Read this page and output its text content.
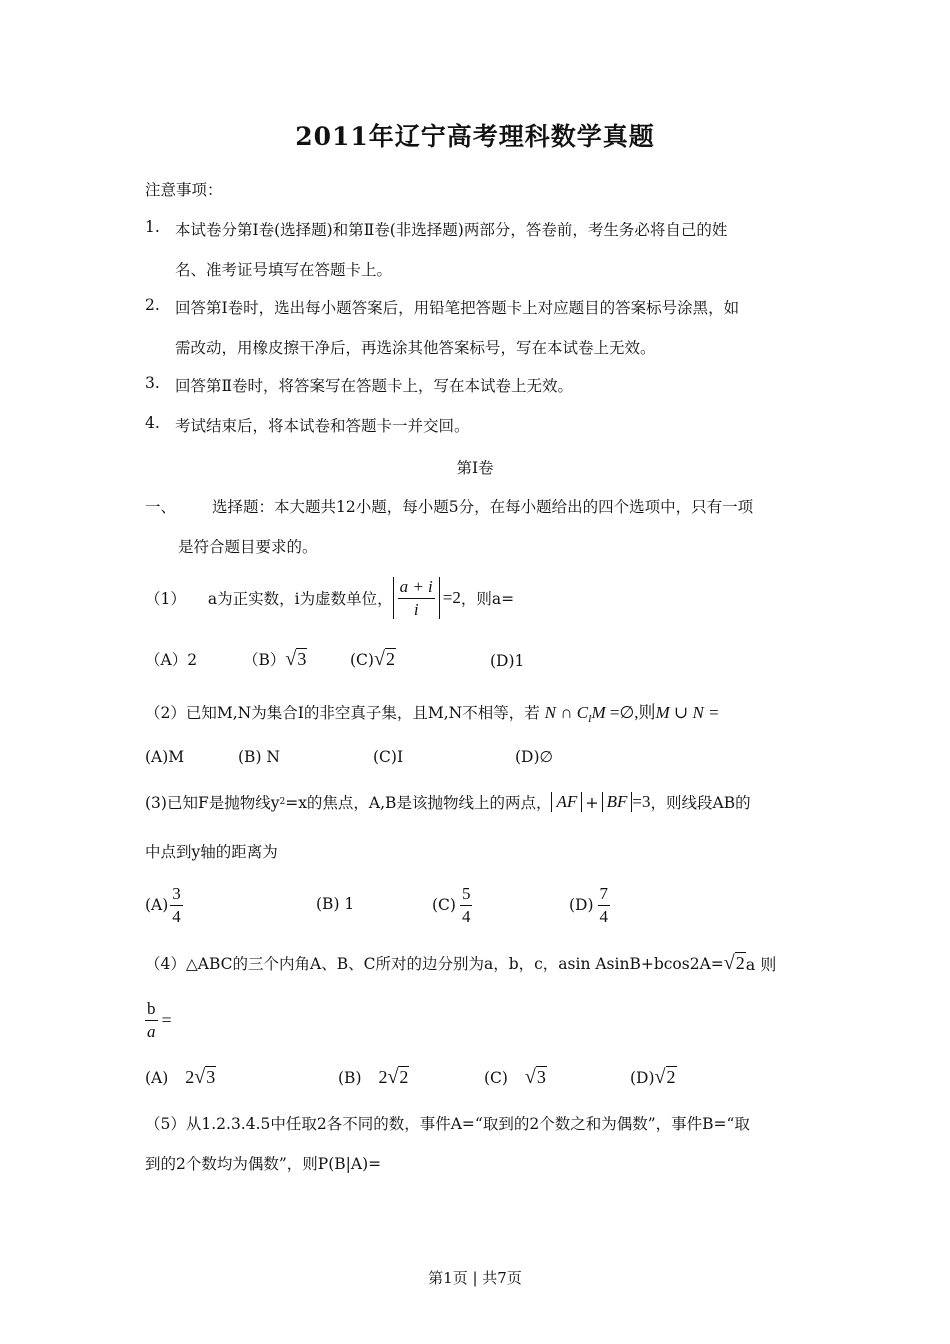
2011年辽宁高考理科数学真题
注意事项：
1. 本试卷分第Ⅰ卷(选择题)和第Ⅱ卷(非选择题)两部分，答卷前，考生务必将自己的姓
名、准考证号填写在答题卡上。
2. 回答第Ⅰ卷时，选出每小题答案后，用铅笔把答题卡上对应题目的答案标号涂黑，如
需改动，用橡皮擦干净后，再选涂其他答案标号，写在本试卷上无效。
3. 回答第Ⅱ卷时，将答案写在答题卡上，写在本试卷上无效。
4. 考试结束后，将本试卷和答题卡一并交回。
第Ⅰ卷
一、 选择题：本大题共12小题，每小题5分，在每小题给出的四个选项中，只有一项
是符合题目要求的。
（1） a为正实数，i为虚数单位， $\frac{a + i}{i} =2$ ，则a=
（A）2	（B）√3	(C)√2	(D)1
（2）已知M,N为集合I的非空真子集，且M,N不相等，若 N ∩ $C_IM$ =∅,则M ∪ N =
(A)M	(B) N	(C)I	(D)∅
(3)已知F是抛物线y 2 =x的焦点，A,B是该抛物线上的两点， AF + BF =3 ，则线段AB的
中点到y轴的距离为
$(A) \frac{3}{4}$	(B) 1	$(C) \frac{5}{4}$	$(D) \frac{7}{4}$
（4）△ABC的三个内角A、B、C所对的边分别为a，b，c，asin AsinB+bcos2A= √2 a 则
$\frac{b}{a}$ =
(A) 2√3	(B) 2√2	(C) √3	(D)√2
（5）从1.2.3.4.5中任取2各不同的数，事件A=“取到的2个数之和为偶数”，事件B=“取
到的2个数均为偶数”，则P(B|A)=
第1页 | 共7页
